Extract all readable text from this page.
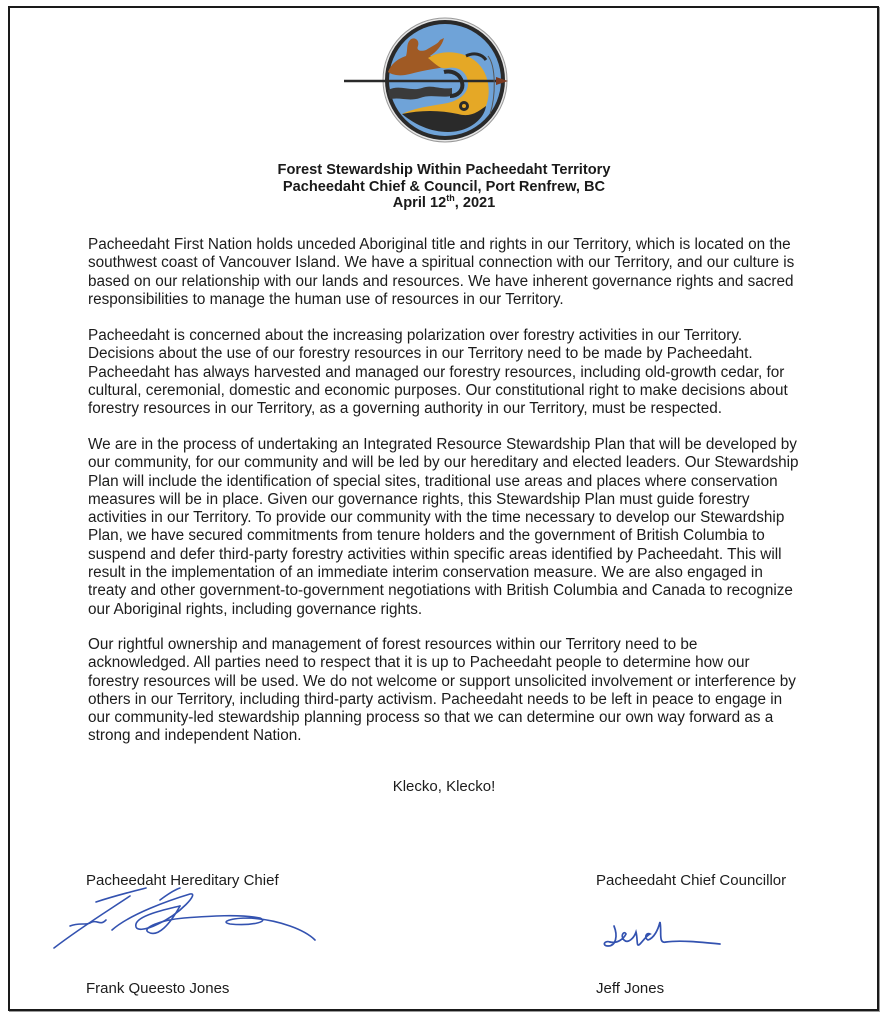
Forest Stewardship Within Pacheedaht Territory
Pacheedaht Chief & Council, Port Renfrew, BC
April 12th, 2021
Pacheedaht First Nation holds unceded Aboriginal title and rights in our Territory, which is located on the
southwest coast of Vancouver Island. We have a spiritual connection with our Territory, and our culture is
based on our relationship with our lands and resources. We have inherent governance rights and sacred
responsibilities to manage the human use of resources in our Territory.
Pacheedaht is concerned about the increasing polarization over forestry activities in our Territory.
Decisions about the use of our forestry resources in our Territory need to be made by Pacheedaht.
Pacheedaht has always harvested and managed our forestry resources, including old-growth cedar, for
cultural, ceremonial, domestic and economic purposes. Our constitutional right to make decisions about
forestry resources in our Territory, as a governing authority in our Territory, must be respected.
We are in the process of undertaking an Integrated Resource Stewardship Plan that will be developed by
our community, for our community and will be led by our hereditary and elected leaders. Our Stewardship
Plan will include the identification of special sites, traditional use areas and places where conservation
measures will be in place. Given our governance rights, this Stewardship Plan must guide forestry
activities in our Territory. To provide our community with the time necessary to develop our Stewardship
Plan, we have secured commitments from tenure holders and the government of British Columbia to
suspend and defer third-party forestry activities within specific areas identified by Pacheedaht. This will
result in the implementation of an immediate interim conservation measure. We are also engaged in
treaty and other government-to-government negotiations with British Columbia and Canada to recognize
our Aboriginal rights, including governance rights.
Our rightful ownership and management of forest resources within our Territory need to be
acknowledged. All parties need to respect that it is up to Pacheedaht people to determine how our
forestry resources will be used. We do not welcome or support unsolicited involvement or interference by
others in our Territory, including third-party activism. Pacheedaht needs to be left in peace to engage in
our community-led stewardship planning process so that we can determine our own way forward as a
strong and independent Nation.
Klecko, Klecko!
Pacheedaht Hereditary Chief
Frank Queesto Jones
Pacheedaht Chief Councillor
Jeff Jones
